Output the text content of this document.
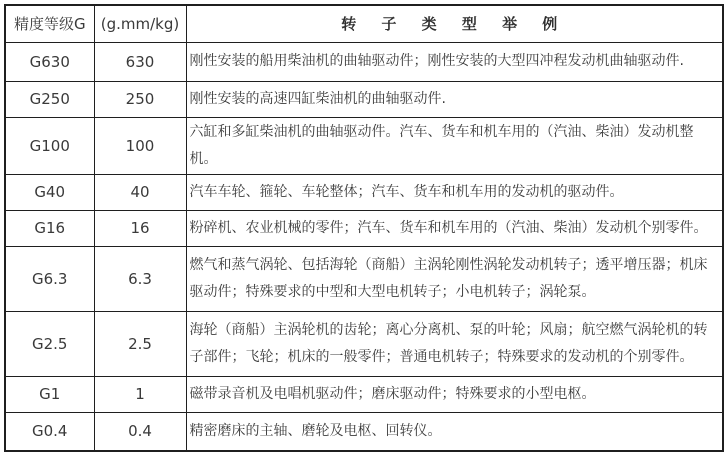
精度等级G	(g.mm/kg)	转 子 类 型 举 例
G630	630	刚性安装的船用柴油机的曲轴驱动件；刚性安装的大型四冲程发动机曲轴驱动件.
G250	250	刚性安装的高速四缸柴油机的曲轴驱动件.
G100	100	六缸和多缸柴油机的曲轴驱动件。汽车、货车和机车用的（汽油、柴油）发动机整机。
G40	40	汽车车轮、箍轮、车轮整体；汽车、货车和机车用的发动机的驱动件。
G16	16	粉碎机、农业机械的零件；汽车、货车和机车用的（汽油、柴油）发动机个别零件。
G6.3	6.3	燃气和蒸气涡轮、包括海轮（商船）主涡轮刚性涡轮发动机转子；透平增压器；机床驱动件；特殊要求的中型和大型电机转子；小电机转子；涡轮泵。
G2.5	2.5	海轮（商船）主涡轮机的齿轮；离心分离机、泵的叶轮；风扇；航空燃气涡轮机的转子部件；飞轮；机床的一般零件；普通电机转子；特殊要求的发动机的个别零件。
G1	1	磁带录音机及电唱机驱动件；磨床驱动件；特殊要求的小型电枢。
G0.4	0.4	精密磨床的主轴、磨轮及电枢、回转仪。
